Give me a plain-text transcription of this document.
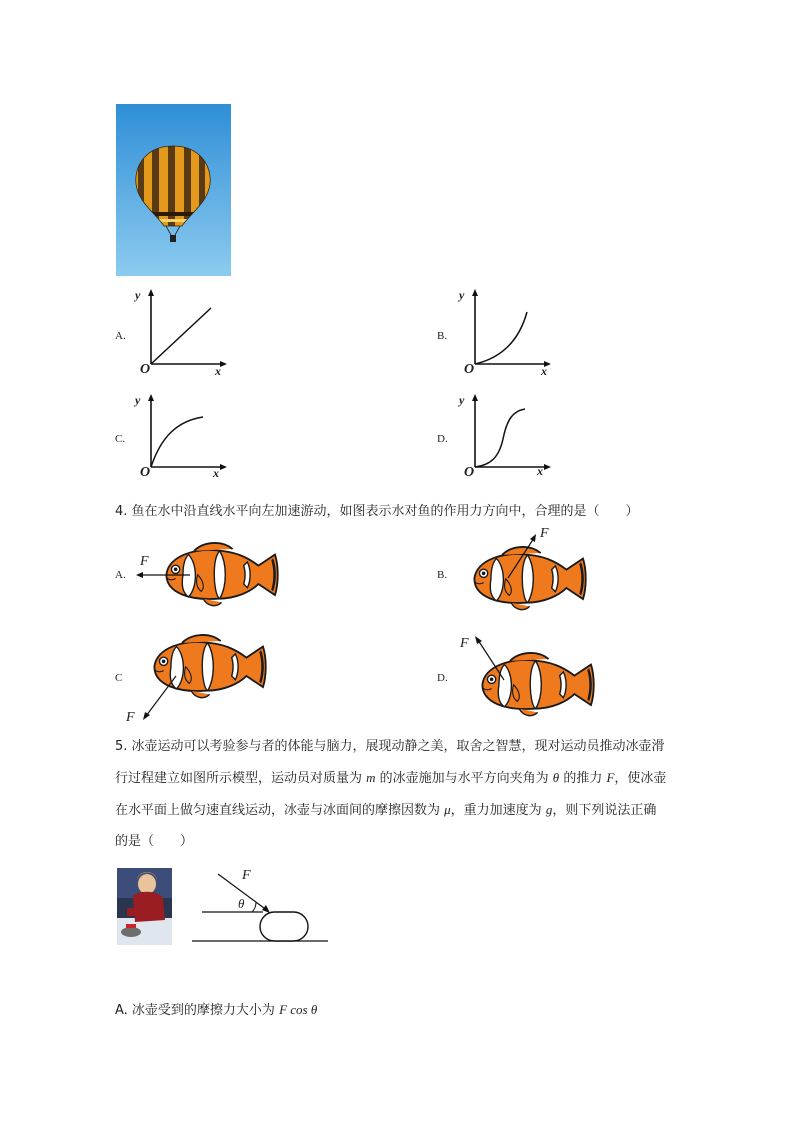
A.
y
O	x
B.
y
O	x
C.
y
O	x
D.
y
O	x
4. 鱼在水中沿直线水平向左加速游动，如图表示水对鱼的作用力方向中，合理的是（　　）
A.
F
B.
F
C
F
D.
F
5. 冰壶运动可以考验参与者的体能与脑力，展现动静之美，取舍之智慧，现对运动员推动冰壶滑
行过程建立如图所示模型，运动员对质量为 m 的冰壶施加与水平方向夹角为 θ 的推力 F，使冰壶
在水平面上做匀速直线运动，冰壶与冰面间的摩擦因数为 μ，重力加速度为 g，则下列说法正确
的是（　　）
F
θ
A. 冰壶受到的摩擦力大小为 F cos θ
